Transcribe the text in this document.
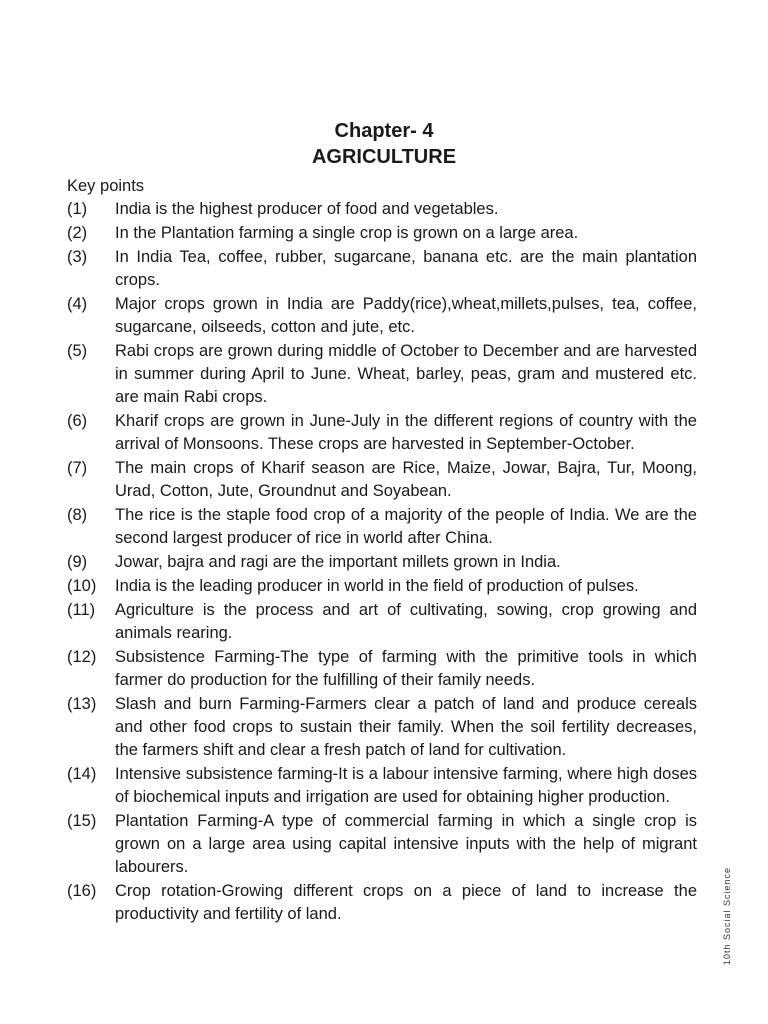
Chapter- 4
AGRICULTURE
Key points
(1)	India is the highest producer of food and vegetables.
(2)	In the Plantation farming a single crop is grown on a large area.
(3)	In India Tea, coffee, rubber, sugarcane, banana etc. are the main plantation crops.
(4)	Major crops grown in India are Paddy(rice),wheat,millets,pulses, tea, coffee, sugarcane, oilseeds, cotton and jute, etc.
(5)	Rabi crops are grown during middle of October to December and are harvested in summer during April to June. Wheat, barley, peas, gram and mustered etc. are main Rabi crops.
(6)	Kharif crops are grown in June-July in the different regions of country with the arrival of Monsoons. These crops are harvested in September-October.
(7)	The main crops of Kharif season are Rice, Maize, Jowar, Bajra, Tur, Moong, Urad, Cotton, Jute, Groundnut and Soyabean.
(8)	The rice is the staple food crop of a majority of the people of India. We are the second largest producer of rice in world after China.
(9)	Jowar, bajra and ragi are the important millets grown in India.
(10)	India is the leading producer in world in the field of production of pulses.
(11)	Agriculture is the process and art of cultivating, sowing, crop growing and animals rearing.
(12)	Subsistence Farming-The type of farming with the primitive tools in which farmer do production for the fulfilling of their family needs.
(13)	Slash and burn Farming-Farmers clear a patch of land and produce cereals and other food crops to sustain their family. When the soil fertility decreases, the farmers shift and clear a fresh patch of land for cultivation.
(14)	Intensive subsistence farming-It is a labour intensive farming, where high doses of biochemical inputs and irrigation are used for obtaining higher production.
(15)	Plantation Farming-A type of commercial farming in which a single crop is grown on a large area using capital intensive inputs with the help of migrant labourers.
(16)	Crop rotation-Growing different crops on a piece of land to increase the productivity and fertility of land.	10th Social Science
